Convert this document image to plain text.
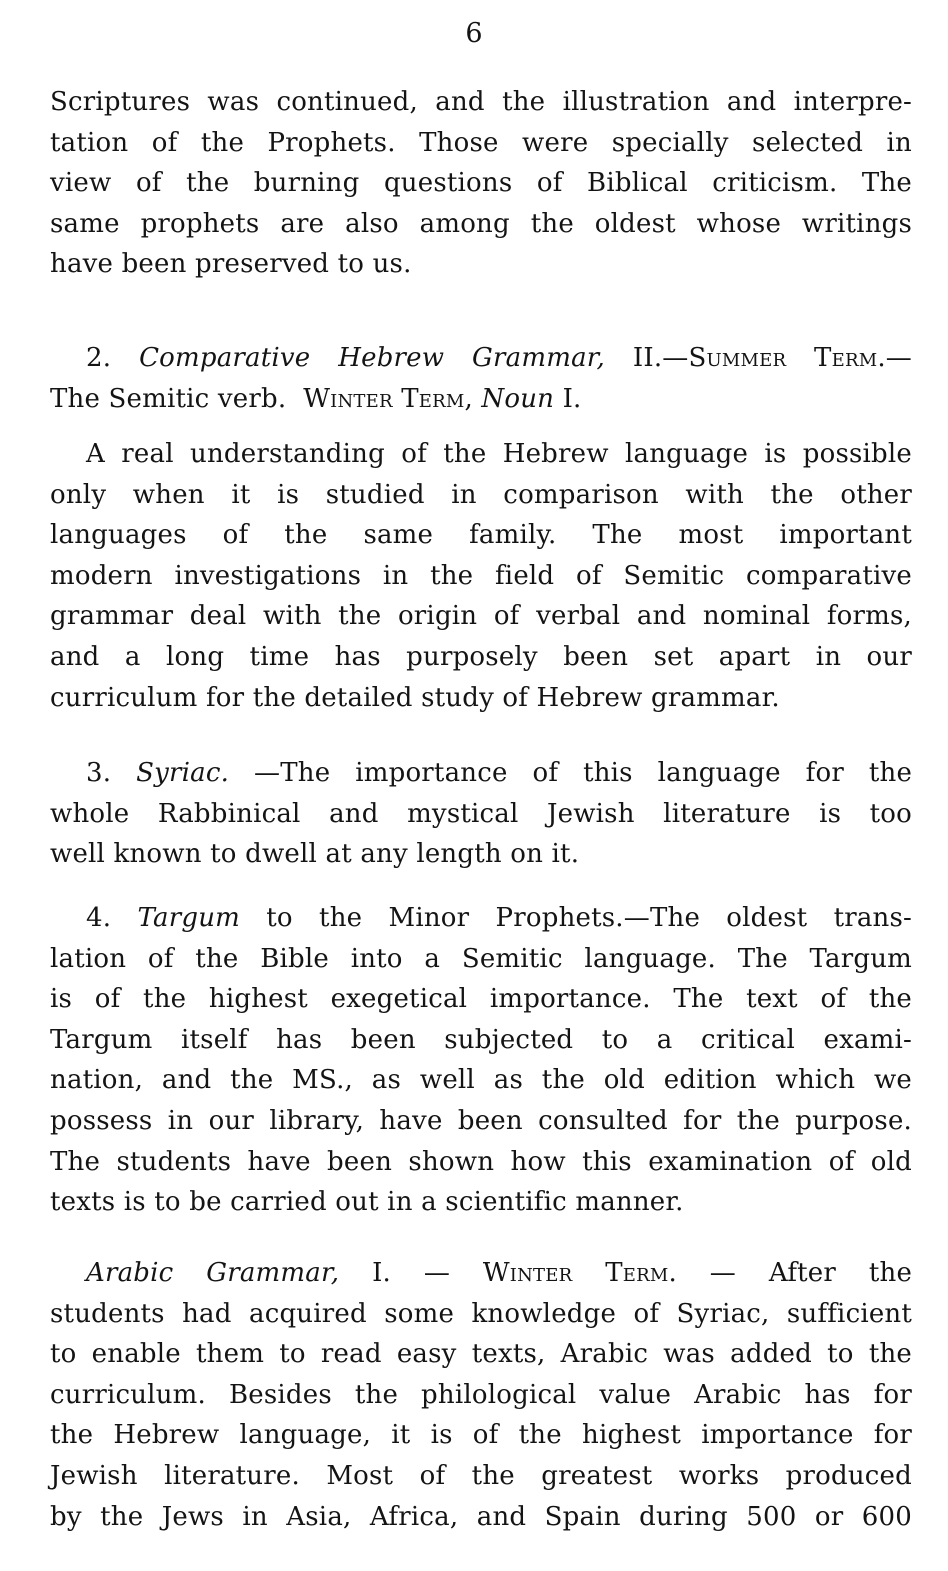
6
Scriptures was continued, and the illustration and interpre-
tation of the Prophets. Those were specially selected in
view of the burning questions of Biblical criticism. The
same prophets are also among the oldest whose writings
have been preserved to us.
2. Comparative Hebrew Grammar, II.—Summer Term.—
The Semitic verb. Winter Term, Noun I.
A real understanding of the Hebrew language is possible
only when it is studied in comparison with the other
languages of the same family. The most important
modern investigations in the field of Semitic comparative
grammar deal with the origin of verbal and nominal forms,
and a long time has purposely been set apart in our
curriculum for the detailed study of Hebrew grammar.
3. Syriac. —The importance of this language for the
whole Rabbinical and mystical Jewish literature is too
well known to dwell at any length on it.
4. Targum to the Minor Prophets.—The oldest trans-
lation of the Bible into a Semitic language. The Targum
is of the highest exegetical importance. The text of the
Targum itself has been subjected to a critical exami-
nation, and the MS., as well as the old edition which we
possess in our library, have been consulted for the purpose.
The students have been shown how this examination of old
texts is to be carried out in a scientific manner.
Arabic Grammar, I. — Winter Term. — After the
students had acquired some knowledge of Syriac, sufficient
to enable them to read easy texts, Arabic was added to the
curriculum. Besides the philological value Arabic has for
the Hebrew language, it is of the highest importance for
Jewish literature. Most of the greatest works produced
by the Jews in Asia, Africa, and Spain during 500 or 600
